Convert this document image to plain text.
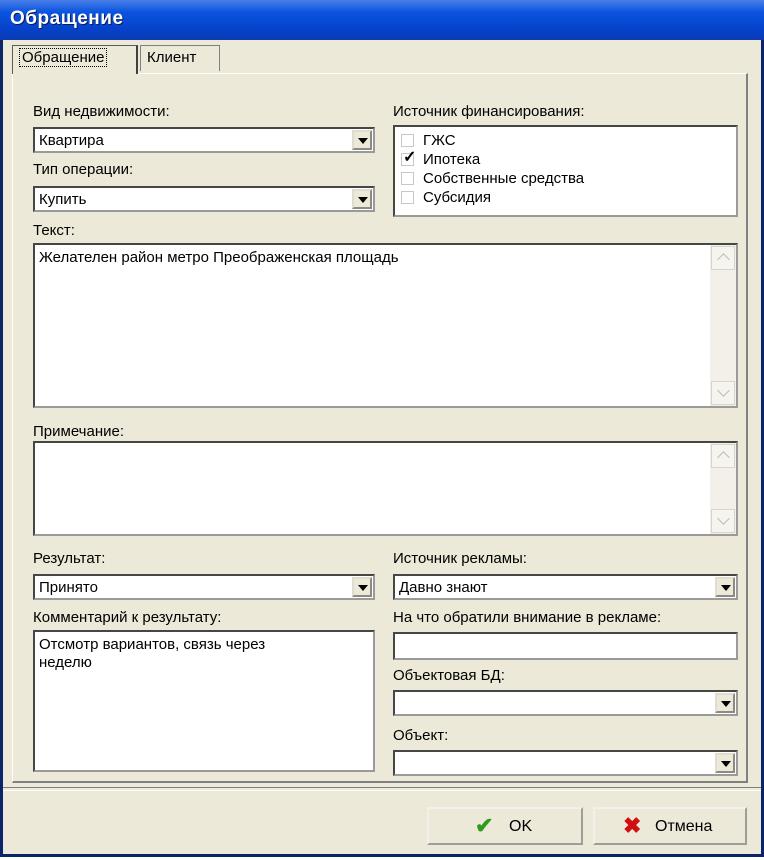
Обращение
Обращение	Клиент
Вид недвижимости:
Квартира
Тип операции:
Купить
Источник финансирования:
ГЖС
✓ Ипотека
Собственные средства
Субсидия
Текст:
Желателен район метро Преображенская площадь
Примечание:
Результат:
Принято
Комментарий к результату:
Отсмотр вариантов, связь через
неделю
Источник рекламы:
Давно знают
На что обратили внимание в рекламе:
Объектовая БД:
Объект:
✔ OK	✖ Отмена
